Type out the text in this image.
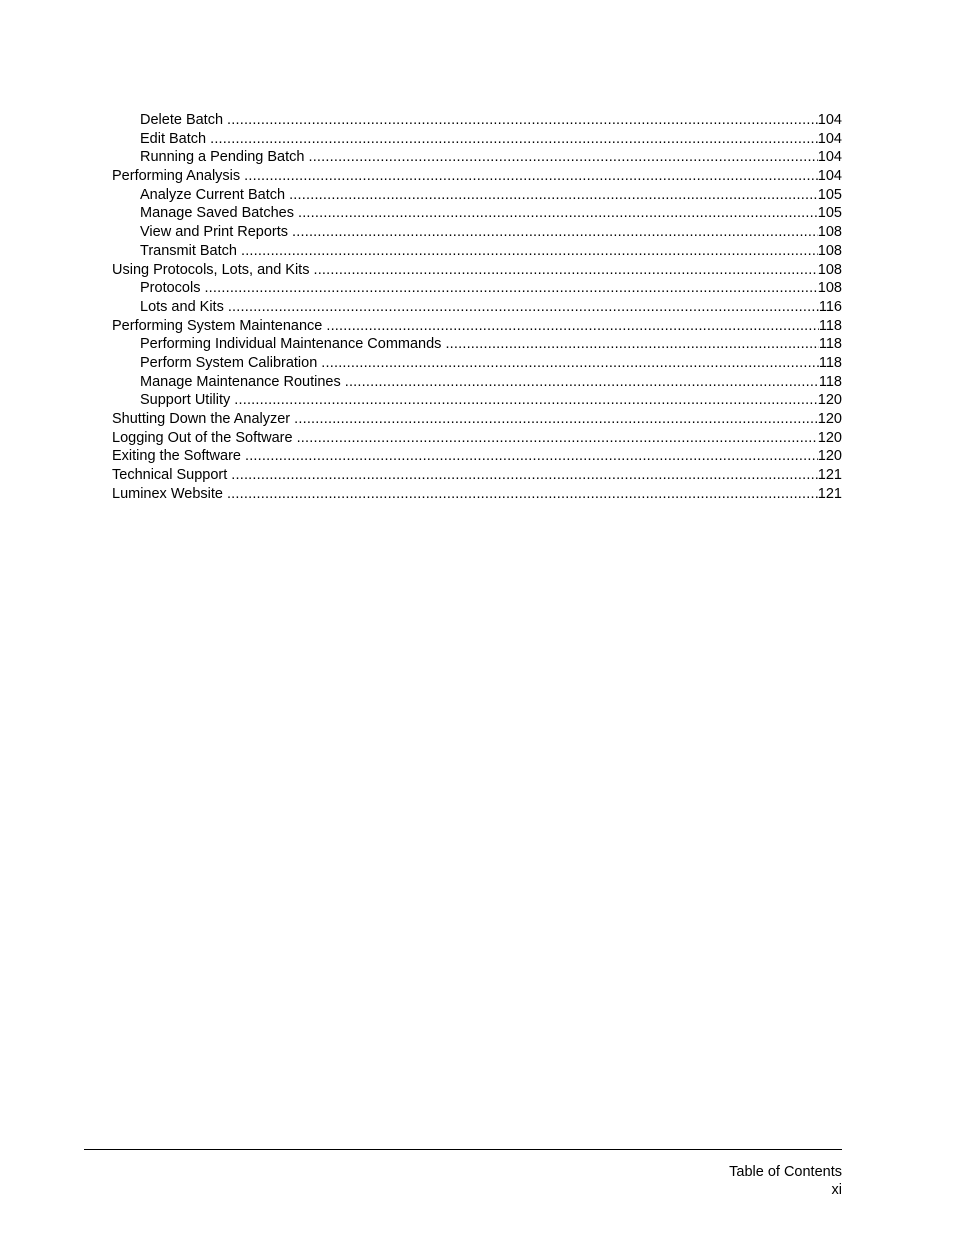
Delete Batch .....	104
Edit Batch .....	104
Running a Pending Batch .....	104
Performing Analysis .....	104
Analyze Current Batch .....	105
Manage Saved Batches .....	105
View and Print Reports .....	108
Transmit Batch .....	108
Using Protocols, Lots, and Kits .....	108
Protocols .....	108
Lots and Kits .....	116
Performing System Maintenance .....	118
Performing Individual Maintenance Commands .....	118
Perform System Calibration .....	118
Manage Maintenance Routines .....	118
Support Utility .....	120
Shutting Down the Analyzer .....	120
Logging Out of the Software .....	120
Exiting the Software .....	120
Technical Support .....	121
Luminex Website .....	121
Table of Contents
xi
